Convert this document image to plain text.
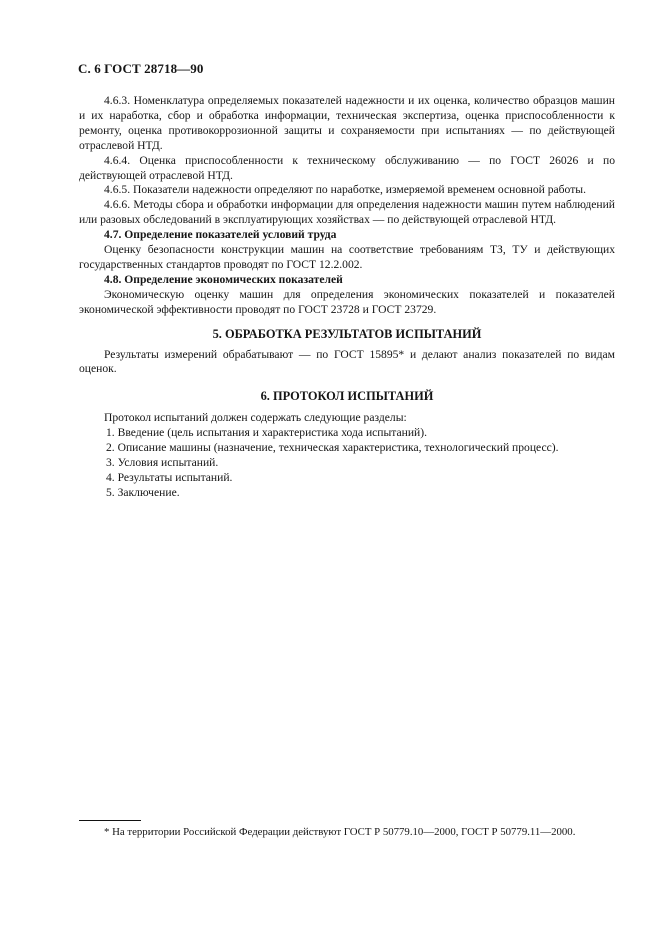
С. 6 ГОСТ 28718—90

4.6.3. Номенклатура определяемых показателей надежности и их оценка, количество образцов машин и их наработка, сбор и обработка информации, техническая экспертиза, оценка приспособленности к ремонту, оценка противокоррозионной защиты и сохраняемости при испытаниях — по действующей отраслевой НТД.

4.6.4. Оценка приспособленности к техническому обслуживанию — по ГОСТ 26026 и по действующей отраслевой НТД.

4.6.5. Показатели надежности определяют по наработке, измеряемой временем основной работы.

4.6.6. Методы сбора и обработки информации для определения надежности машин путем наблюдений или разовых обследований в эксплуатирующих хозяйствах — по действующей отраслевой НТД.

4.7. Определение показателей условий труда

Оценку безопасности конструкции машин на соответствие требованиям ТЗ, ТУ и действующих государственных стандартов проводят по ГОСТ 12.2.002.

4.8. Определение экономических показателей

Экономическую оценку машин для определения экономических показателей и показателей экономической эффективности проводят по ГОСТ 23728 и ГОСТ 23729.

5. ОБРАБОТКА РЕЗУЛЬТАТОВ ИСПЫТАНИЙ

Результаты измерений обрабатывают — по ГОСТ 15895* и делают анализ показателей по видам оценок.

6. ПРОТОКОЛ ИСПЫТАНИЙ

Протокол испытаний должен содержать следующие разделы:

1. Введение (цель испытания и характеристика хода испытаний).
2. Описание машины (назначение, техническая характеристика, технологический процесс).
3. Условия испытаний.
4. Результаты испытаний.
5. Заключение.
* На территории Российской Федерации действуют ГОСТ Р 50779.10—2000, ГОСТ Р 50779.11—2000.
